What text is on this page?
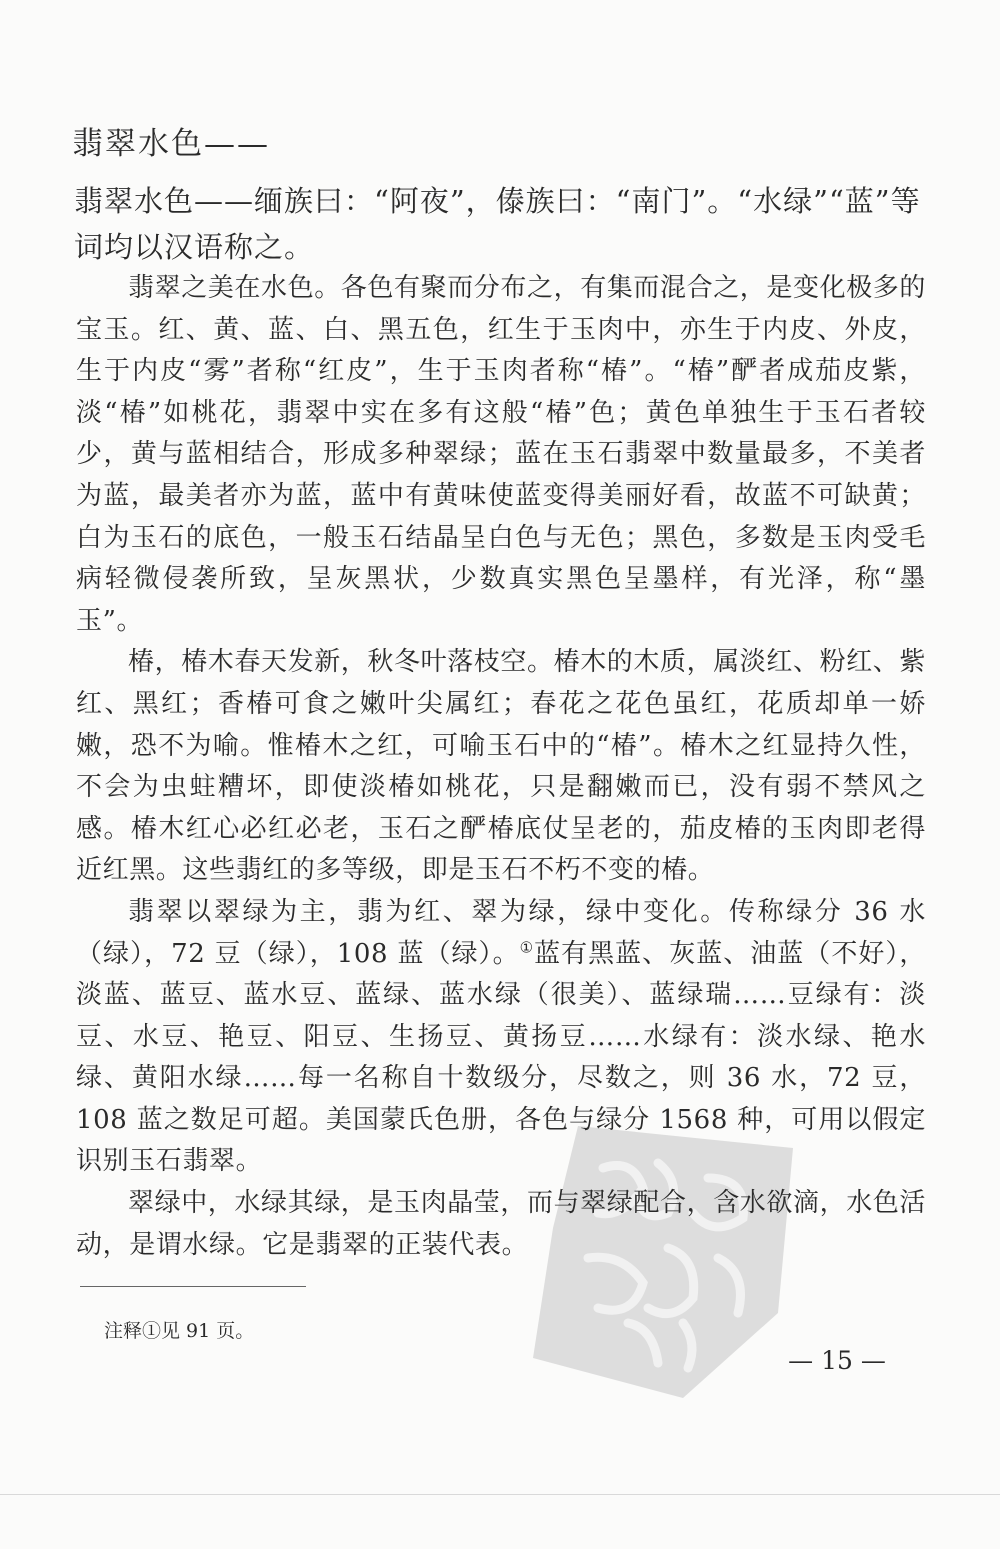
翡翠水色——

翡翠水色——缅族曰：“阿夜”，傣族曰：“南门”。“水绿”“蓝”等词均以汉语称之。

翡翠之美在水色。各色有聚而分布之，有集而混合之，是变化极多的宝玉。红、黄、蓝、白、黑五色，红生于玉肉中，亦生于内皮、外皮，生于内皮“雾”者称“红皮”，生于玉肉者称“椿”。“椿”酽者成茄皮紫，淡“椿”如桃花，翡翠中实在多有这般“椿”色；黄色单独生于玉石者较少，黄与蓝相结合，形成多种翠绿；蓝在玉石翡翠中数量最多，不美者为蓝，最美者亦为蓝，蓝中有黄味使蓝变得美丽好看，故蓝不可缺黄；白为玉石的底色，一般玉石结晶呈白色与无色；黑色，多数是玉肉受毛病轻微侵袭所致，呈灰黑状，少数真实黑色呈墨样，有光泽，称“墨玉”。

椿，椿木春天发新，秋冬叶落枝空。椿木的木质，属淡红、粉红、紫红、黑红；香椿可食之嫩叶尖属红；春花之花色虽红，花质却单一娇嫩，恐不为喻。惟椿木之红，可喻玉石中的“椿”。椿木之红显持久性，不会为虫蛀糟坏，即使淡椿如桃花，只是翻嫩而已，没有弱不禁风之感。椿木红心必红必老，玉石之酽椿底仗呈老的，茄皮椿的玉肉即老得近红黑。这些翡红的多等级，即是玉石不朽不变的椿。

翡翠以翠绿为主，翡为红、翠为绿，绿中变化。传称绿分 36 水（绿），72 豆（绿），108 蓝（绿）。①蓝有黑蓝、灰蓝、油蓝（不好），淡蓝、蓝豆、蓝水豆、蓝绿、蓝水绿（很美）、蓝绿瑞……豆绿有：淡豆、水豆、艳豆、阳豆、生扬豆、黄扬豆……水绿有：淡水绿、艳水绿、黄阳水绿……每一名称自十数级分，尽数之，则 36 水，72 豆，108 蓝之数足可超。美国蒙氏色册，各色与绿分 1568 种，可用以假定识别玉石翡翠。

翠绿中，水绿其绿，是玉肉晶莹，而与翠绿配合，含水欲滴，水色活动，是谓水绿。它是翡翠的正装代表。

注释①见 91 页。

— 15 —
